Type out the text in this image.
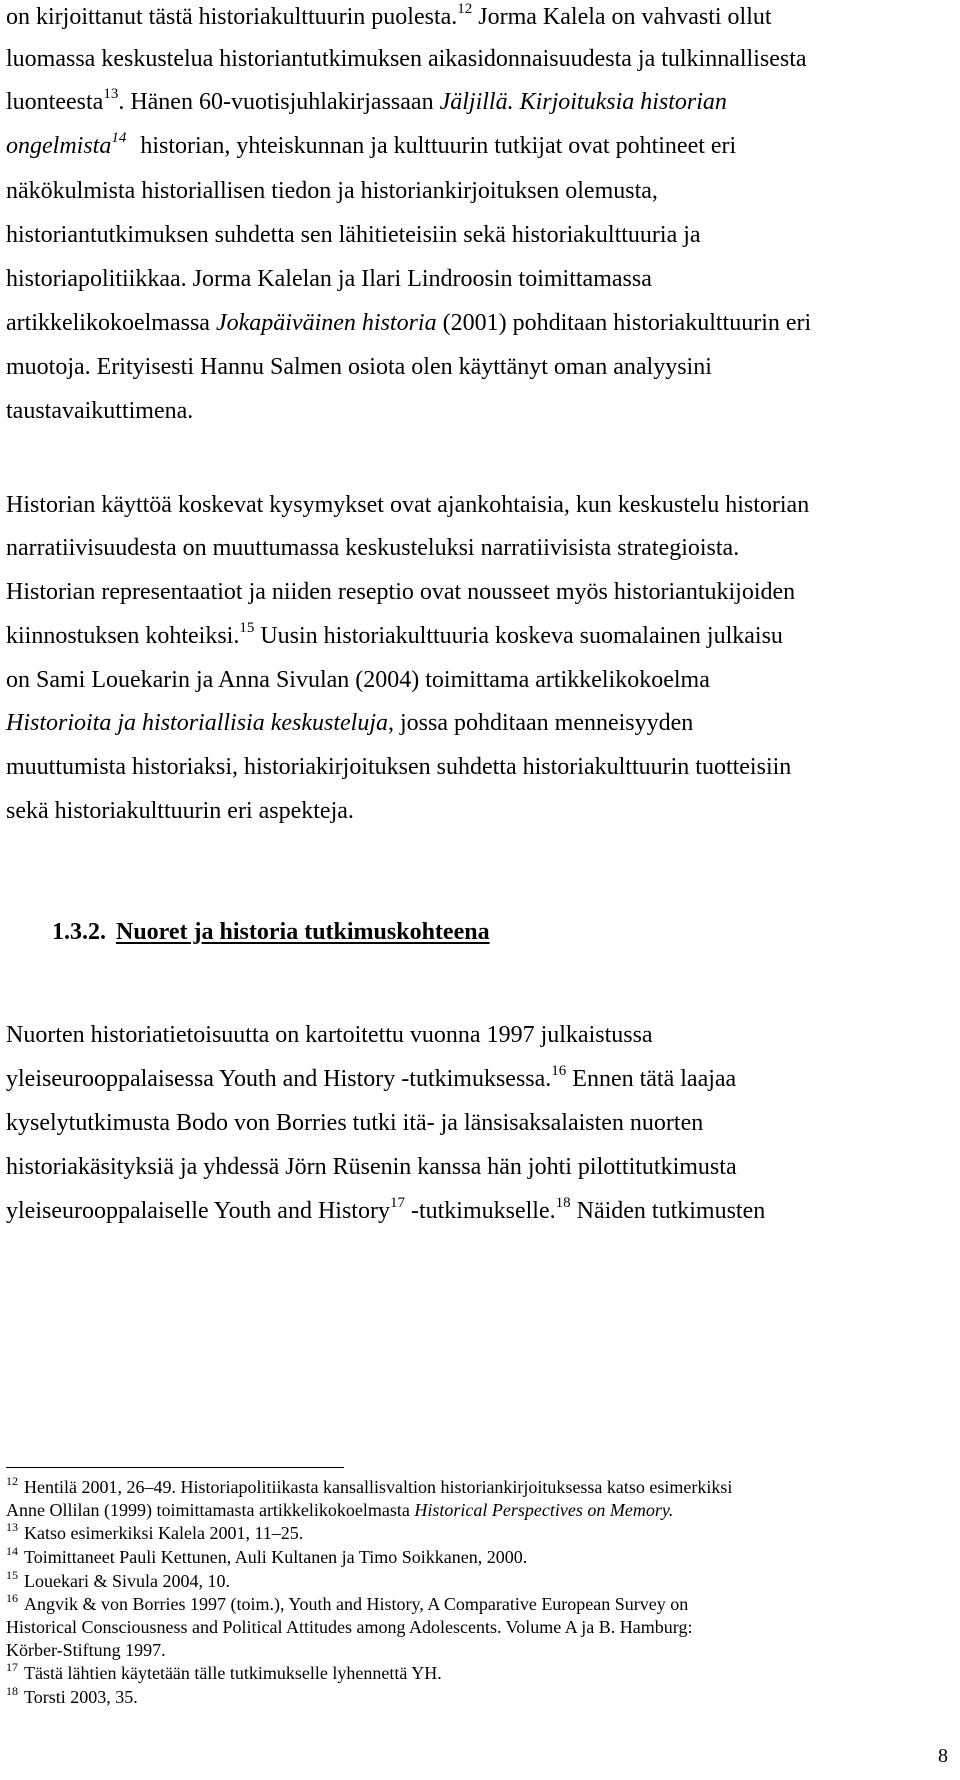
on kirjoittanut tästä historiakulttuurin puolesta.$^{12}$ Jorma Kalela on vahvasti ollut
luomassa keskustelua historiantutkimuksen aikasidonnaisuudesta ja tulkinnallisesta
luonteesta$^{13}$. Hänen 60-vuotisjuhlakirjassaan Jäljillä. Kirjoituksia historian
ongelmista$^{14}$ historian, yhteiskunnan ja kulttuurin tutkijat ovat pohtineet eri
näkökulmista historiallisen tiedon ja historiankirjoituksen olemusta,
historiantutkimuksen suhdetta sen lähitieteisiin sekä historiakulttuuria ja
historiapolitiikkaa. Jorma Kalelan ja Ilari Lindroosin toimittamassa
artikkelikokoelmassa Jokapäiväinen historia (2001) pohditaan historiakulttuurin eri
muotoja. Erityisesti Hannu Salmen osiota olen käyttänyt oman analyysini
taustavaikuttimena.
Historian käyttöä koskevat kysymykset ovat ajankohtaisia, kun keskustelu historian
narratiivisuudesta on muuttumassa keskusteluksi narratiivisista strategioista.
Historian representaatiot ja niiden reseptio ovat nousseet myös historiantukijoiden
kiinnostuksen kohteiksi.$^{15}$ Uusin historiakulttuuria koskeva suomalainen julkaisu
on Sami Louekarin ja Anna Sivulan (2004) toimittama artikkelikokoelma
Historioita ja historiallisia keskusteluja, jossa pohditaan menneisyyden
muuttumista historiaksi, historiakirjoituksen suhdetta historiakulttuurin tuotteisiin
sekä historiakulttuurin eri aspekteja.
1.3.2. Nuoret ja historia tutkimuskohteena
Nuorten historiatietoisuutta on kartoitettu vuonna 1997 julkaistussa
yleiseurooppalaisessa Youth and History -tutkimuksessa.$^{16}$ Ennen tätä laajaa
kyselytutkimusta Bodo von Borries tutki itä- ja länsisaksalaisten nuorten
historiakäsityksiä ja yhdessä Jörn Rüsenin kanssa hän johti pilottitutkimusta
yleiseurooppalaiselle Youth and History$^{17}$ -tutkimukselle.$^{18}$ Näiden tutkimusten
$^{12}$ Hentilä 2001, 26–49. Historiapolitiikasta kansallisvaltion historiankirjoituksessa katso esimerkiksi
Anne Ollilan (1999) toimittamasta artikkelikokoelmasta Historical Perspectives on Memory.
$^{13}$ Katso esimerkiksi Kalela 2001, 11–25.
$^{14}$ Toimittaneet Pauli Kettunen, Auli Kultanen ja Timo Soikkanen, 2000.
$^{15}$ Louekari & Sivula 2004, 10.
$^{16}$ Angvik & von Borries 1997 (toim.), Youth and History, A Comparative European Survey on
Historical Consciousness and Political Attitudes among Adolescents. Volume A ja B. Hamburg:
Körber-Stiftung 1997.
$^{17}$ Tästä lähtien käytetään tälle tutkimukselle lyhennettä YH.
$^{18}$ Torsti 2003, 35.
8
